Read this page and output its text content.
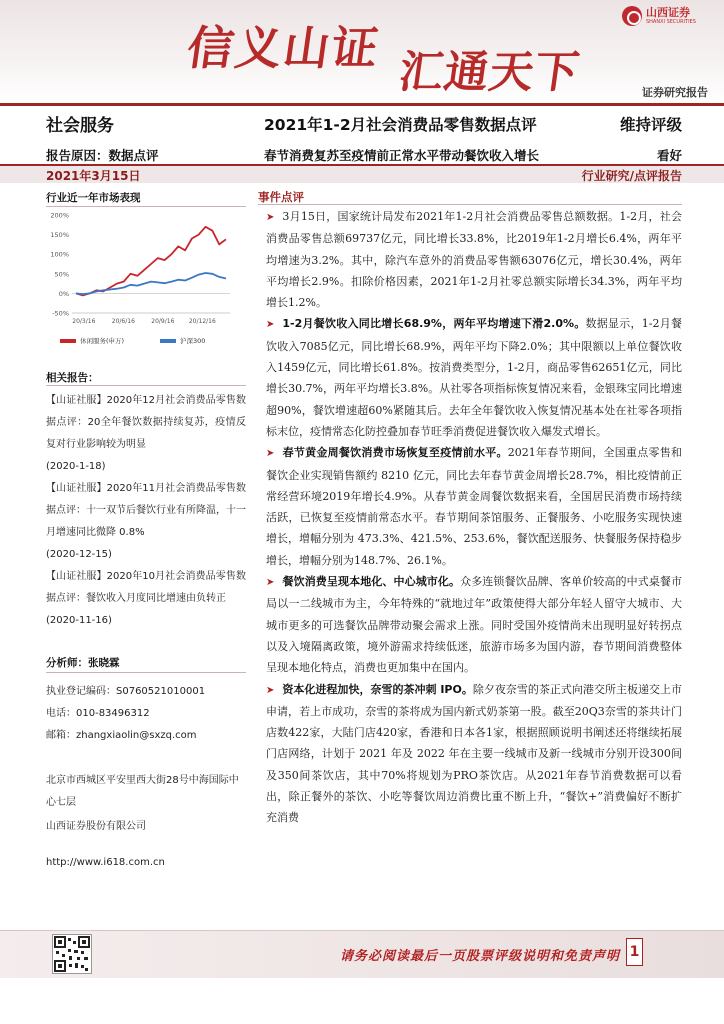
信义山证 汇通天下
山西证券
SHANXI SECURITIES
证券研究报告
社会服务	2021年1-2月社会消费品零售数据点评	维持评级
报告原因：数据点评	春节消费复苏至疫情前正常水平带动餐饮收入增长	看好
2021年3月15日	行业研究/点评报告
行业近一年市场表现
200%
150%
100%
50%
0%
-50%
20/3/16	20/6/16	20/9/16 20/12/16
休闲服务(申万)	沪深300
相关报告：
【山证社服】2020年12月社会消费品零售数据点评：20全年餐饮数据持续复苏，疫情反复对行业影响较为明显
(2020-1-18)
【山证社服】2020年11月社会消费品零售数据点评：十一双节后餐饮行业有所降温，十一月增速同比微降 0.8%
(2020-12-15)
【山证社服】2020年10月社会消费品零售数据点评：餐饮收入月度同比增速由负转正
(2020-11-16)
分析师：张晓霖
执业登记编码：S0760521010001
电话：010-83496312
邮箱：zhangxiaolin@sxzq.com
北京市西城区平安里西大街28号中海国际中心七层
山西证券股份有限公司
http://www.i618.com.cn
事件点评

➤ 3月15日，国家统计局发布2021年1-2月社会消费品零售总额数据。1-2月，社会消费品零售总额69737亿元，同比增长33.8%，比2019年1-2月增长6.4%，两年平均增速为3.2%。其中，除汽车意外的消费品零售额63076亿元，增长30.4%，两年平均增长2.9%。扣除价格因素，2021年1-2月社零总额实际增长34.3%，两年平均增长1.2%。

➤ 1-2月餐饮收入同比增长68.9%，两年平均增速下滑2.0%。数据显示，1-2月餐饮收入7085亿元，同比增长68.9%，两年平均下降2.0%；其中限额以上单位餐饮收入1459亿元，同比增长61.8%。按消费类型分，1-2月，商品零售62651亿元，同比增长30.7%，两年平均增长3.8%。从社零各项指标恢复情况来看，金银珠宝同比增速超90%，餐饮增速超60%紧随其后。去年全年餐饮收入恢复情况基本处在社零各项指标末位，疫情常态化防控叠加春节旺季消费促进餐饮收入爆发式增长。

➤ 春节黄金周餐饮消费市场恢复至疫情前水平。2021年春节期间，全国重点零售和餐饮企业实现销售额约 8210 亿元，同比去年春节黄金周增长28.7%，相比疫情前正常经营环境2019年增长4.9%。从春节黄金周餐饮数据来看，全国居民消费市场持续活跃，已恢复至疫情前常态水平。春节期间茶馆服务、正餐服务、小吃服务实现快速增长，增幅分别为 473.3%、421.5%、253.6%，餐饮配送服务、快餐服务保持稳步增长，增幅分别为148.7%、26.1%。

➤ 餐饮消费呈现本地化、中心城市化。众多连锁餐饮品牌、客单价较高的中式桌餐市局以一二线城市为主，今年特殊的“就地过年”政策使得大部分年轻人留守大城市、大城市更多的可选餐饮品牌带动聚会需求上涨。同时受国外疫情尚未出现明显好转拐点以及入境隔离政策，境外游需求持续低迷，旅游市场多为国内游，春节期间消费整体呈现本地化特点，消费也更加集中在国内。

➤ 资本化进程加快，奈雪的茶冲刺 IPO。除夕夜奈雪的茶正式向港交所主板递交上市申请，若上市成功，奈雪的茶将成为国内新式奶茶第一股。截至20Q3奈雪的茶共计门店数422家，大陆门店420家，香港和日本各1家，根据照顾说明书阐述还将继续拓展门店网络，计划于 2021 年及 2022 年在主要一线城市及新一线城市分别开设300间及350间茶饮店，其中70%将规划为PRO茶饮店。从2021年春节消费数据可以看出，除正餐外的茶饮、小吃等餐饮周边消费比重不断上升，“餐饮+”消费偏好不断扩充消费

请务必阅读最后一页股票评级说明和免责声明 1
